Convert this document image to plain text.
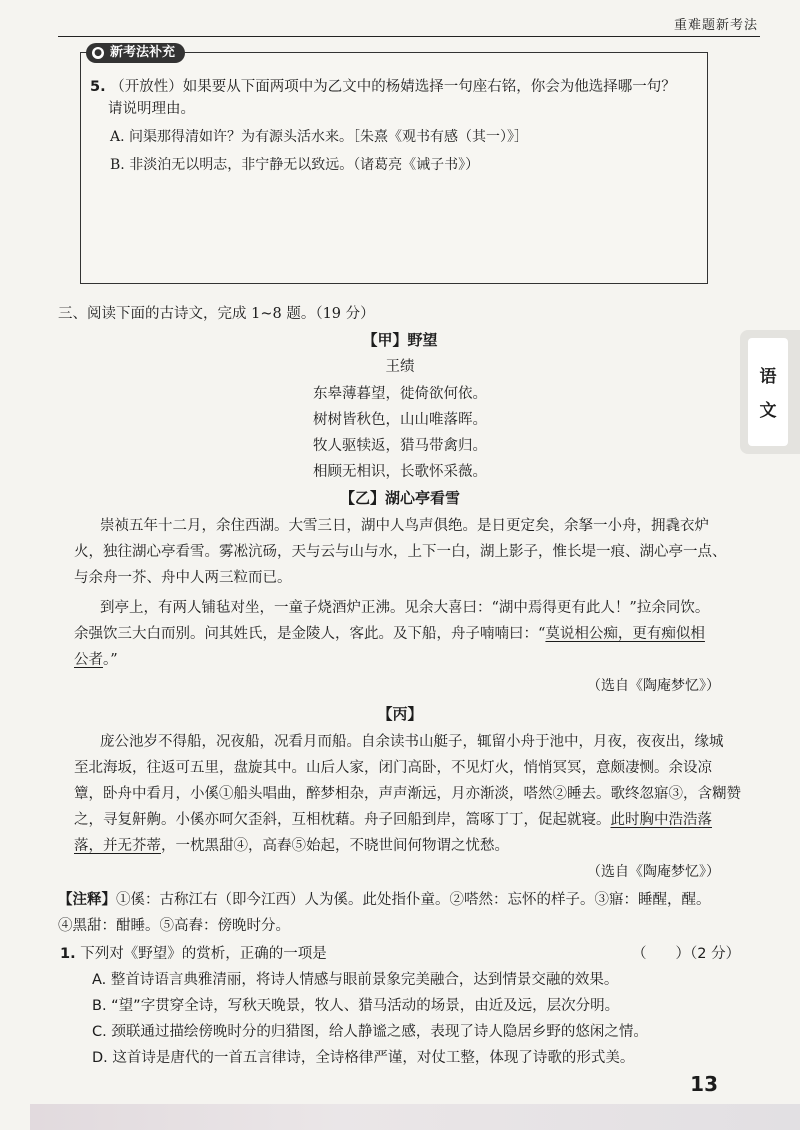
重难题新考法
● 新考法补充
5. （开放性）如果要从下面两项中为乙文中的杨婧选择一句座右铭，你会为他选择哪一句？
请说明理由。
A. 问渠那得清如许？为有源头活水来。［朱熹《观书有感（其一）》］
B. 非淡泊无以明志，非宁静无以致远。（诸葛亮《诫子书》）
语
文
三、阅读下面的古诗文，完成 1~8 题。（19 分）
【甲】野望
王绩
东皋薄暮望，徙倚欲何依。
树树皆秋色，山山唯落晖。
牧人驱犊返，猎马带禽归。
相顾无相识，长歌怀采薇。
【乙】湖心亭看雪
崇祯五年十二月，余住西湖。大雪三日，湖中人鸟声俱绝。是日更定矣，余拏一小舟，拥毳衣炉
火，独往湖心亭看雪。雾凇沆砀，天与云与山与水，上下一白，湖上影子，惟长堤一痕、湖心亭一点、
与余舟一芥、舟中人两三粒而已。
到亭上，有两人铺毡对坐，一童子烧酒炉正沸。见余大喜曰：“湖中焉得更有此人！”拉余同饮。
余强饮三大白而别。问其姓氏，是金陵人，客此。及下船，舟子喃喃曰：“莫说相公痴，更有痴似相
公者。”
（选自《陶庵梦忆》）
【丙】
庞公池岁不得船，况夜船，况看月而船。自余读书山艇子，辄留小舟于池中，月夜，夜夜出，缘城
至北海坂，往返可五里，盘旋其中。山后人家，闭门高卧，不见灯火，悄悄冥冥，意颇凄恻。余设凉
簟，卧舟中看月，小傒①船头唱曲，醉梦相杂，声声渐远，月亦渐淡，嗒然②睡去。歌终忽寤③，含糊赞
之，寻复鼾齁。小傒亦呵欠歪斜，互相枕藉。舟子回船到岸，篙啄丁丁，促起就寝。此时胸中浩浩落
落，并无芥蒂，一枕黑甜④，高舂⑤始起，不晓世间何物谓之忧愁。
（选自《陶庵梦忆》）
【注释】①傒：古称江右（即今江西）人为傒。此处指仆童。②嗒然：忘怀的样子。③寤：睡醒，醒。
④黑甜：酣睡。⑤高舂：傍晚时分。
1. 下列对《野望》的赏析，正确的一项是	（　　）（2 分）
A. 整首诗语言典雅清丽，将诗人情感与眼前景象完美融合，达到情景交融的效果。
B. “望”字贯穿全诗，写秋天晚景，牧人、猎马活动的场景，由近及远，层次分明。
C. 颈联通过描绘傍晚时分的归猎图，给人静谧之感，表现了诗人隐居乡野的悠闲之情。
D. 这首诗是唐代的一首五言律诗，全诗格律严谨，对仗工整，体现了诗歌的形式美。
13
